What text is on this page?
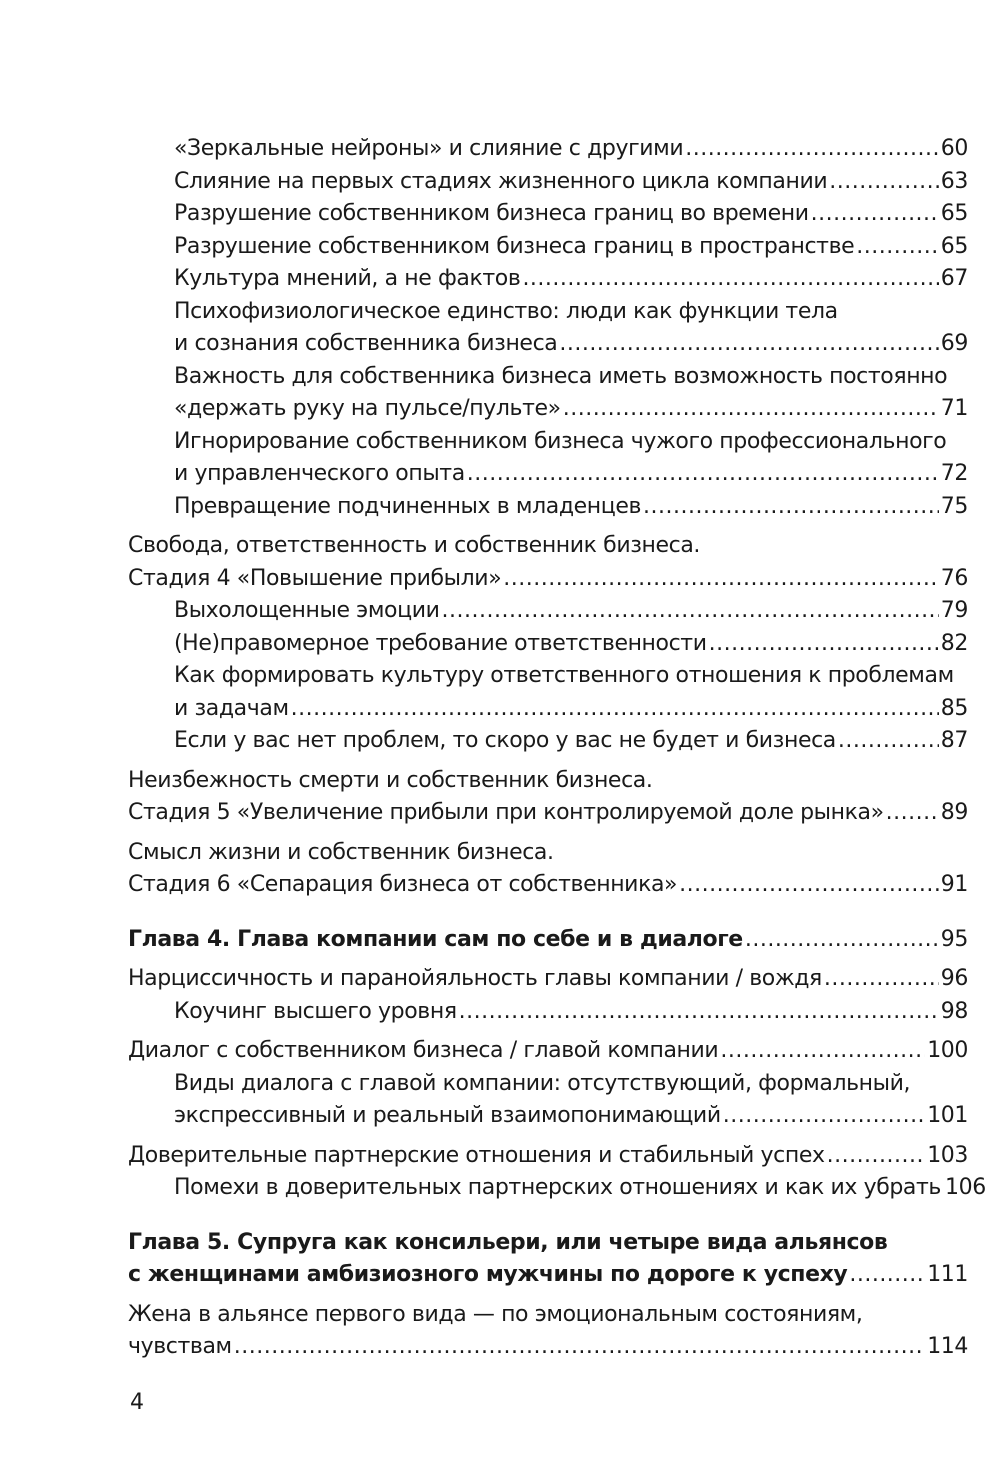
«Зеркальные нейроны» и слияние с другими .....	60
Слияние на первых стадиях жизненного цикла компании .....	63
Разрушение собственником бизнеса границ во времени .....	65
Разрушение собственником бизнеса границ в пространстве .....	65
Культура мнений, а не фактов .....	67
Психофизиологическое единство: люди как функции тела
и сознания собственника бизнеса .....	69
Важность для собственника бизнеса иметь возможность постоянно
«держать руку на пульсе/пульте» .....	71
Игнорирование собственником бизнеса чужого профессионального
и управленческого опыта .....	72
Превращение подчиненных в младенцев .....	75
Свобода, ответственность и собственник бизнеса.
Стадия 4 «Повышение прибыли» .....	76
Выхолощенные эмоции .....	79
(Не)правомерное требование ответственности .....	82
Как формировать культуру ответственного отношения к проблемам
и задачам .....	85
Если у вас нет проблем, то скоро у вас не будет и бизнеса .....	87
Неизбежность смерти и собственник бизнеса.
Стадия 5 «Увеличение прибыли при контролируемой доле рынка» .....	89
Смысл жизни и собственник бизнеса.
Стадия 6 «Сепарация бизнеса от собственника» .....	91
Глава 4. Глава компании сам по себе и в диалоге .....	95
Нарциссичность и паранойяльность главы компании / вождя .....	96
Коучинг высшего уровня .....	98
Диалог с собственником бизнеса / главой компании .....	100
Виды диалога с главой компании: отсутствующий, формальный,
экспрессивный и реальный взаимопонимающий .....	101
Доверительные партнерские отношения и стабильный успех .....	103
Помехи в доверительных партнерских отношениях и как их убрать 106
Глава 5. Супруга как консильери, или четыре вида альянсов
с женщинами амбизиозного мужчины по дороге к успеху .....	111
Жена в альянсе первого вида — по эмоциональным состояниям,
чувствам .....	114
4
